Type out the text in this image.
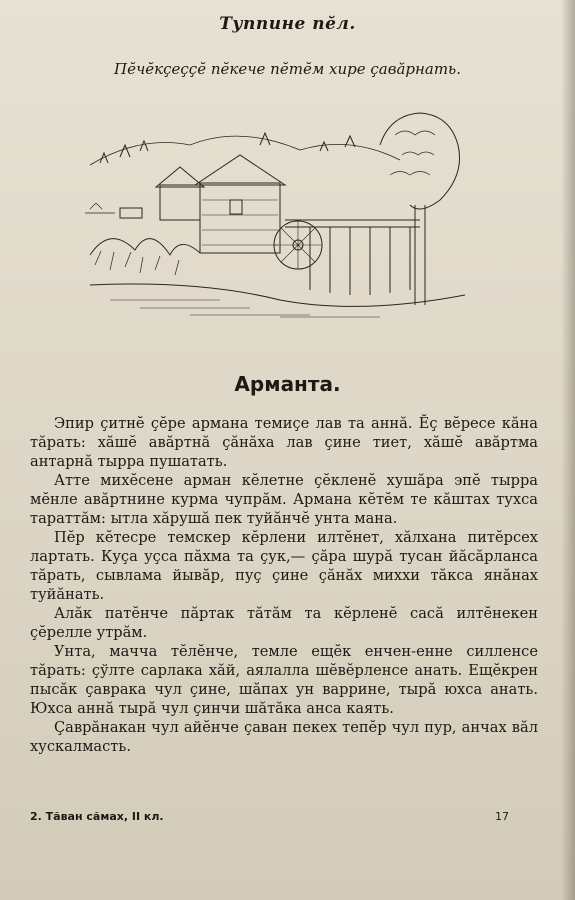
Туппине пĕл.
Пĕчĕкçеççĕ пĕкече пĕтĕм хире çавăрнать.
Арманта.

Эпир çитнĕ çĕре армана темиçе лав та аннă. Ĕç вĕресе кăна тăрать: хăшĕ авăртнă çăнăха лав çине тиет, хăшĕ авăртма антарнă тырра пушатать.

Атте михĕсене арман кĕлетне çĕкленĕ хушăра эпĕ тырра мĕнле авăртнине курма чупрăм. Армана кĕтĕм те кăштах тухса тараттăм: ытла хăрушă пек туйăнчĕ унта мана.

Пĕр кĕтесре темскер кĕрлени илтĕнет, хăлхана питĕрсех лартать. Куçа уçса пăхма та çук,— çăра шурă тусан йăсăрланса тăрать, сывлама йывăр, пуç çине çăнăх миххи тăкса янăнах туйăнать.

Алăк патĕнче пăртак тăтăм та кĕрленĕ сасă илтĕнекен çĕрелле утрăм.

Унта, мачча тĕлĕнче, темле ещĕк енчен-енне силленсе тăрать: çўлте сарлака хăй, аялалла шĕвĕрленсе анать. Ещĕкрен пысăк çавракa чул çине, шăпах ун варрине, тырă юхса анать. Юхса аннă тырă чул çинчи шăтăка анса каять.

Çаврăнакан чул айĕнче çаван пекех тепĕр чул пур, анчах вăл хускалмасть.

2. Тăван сăмах, II кл.	17
